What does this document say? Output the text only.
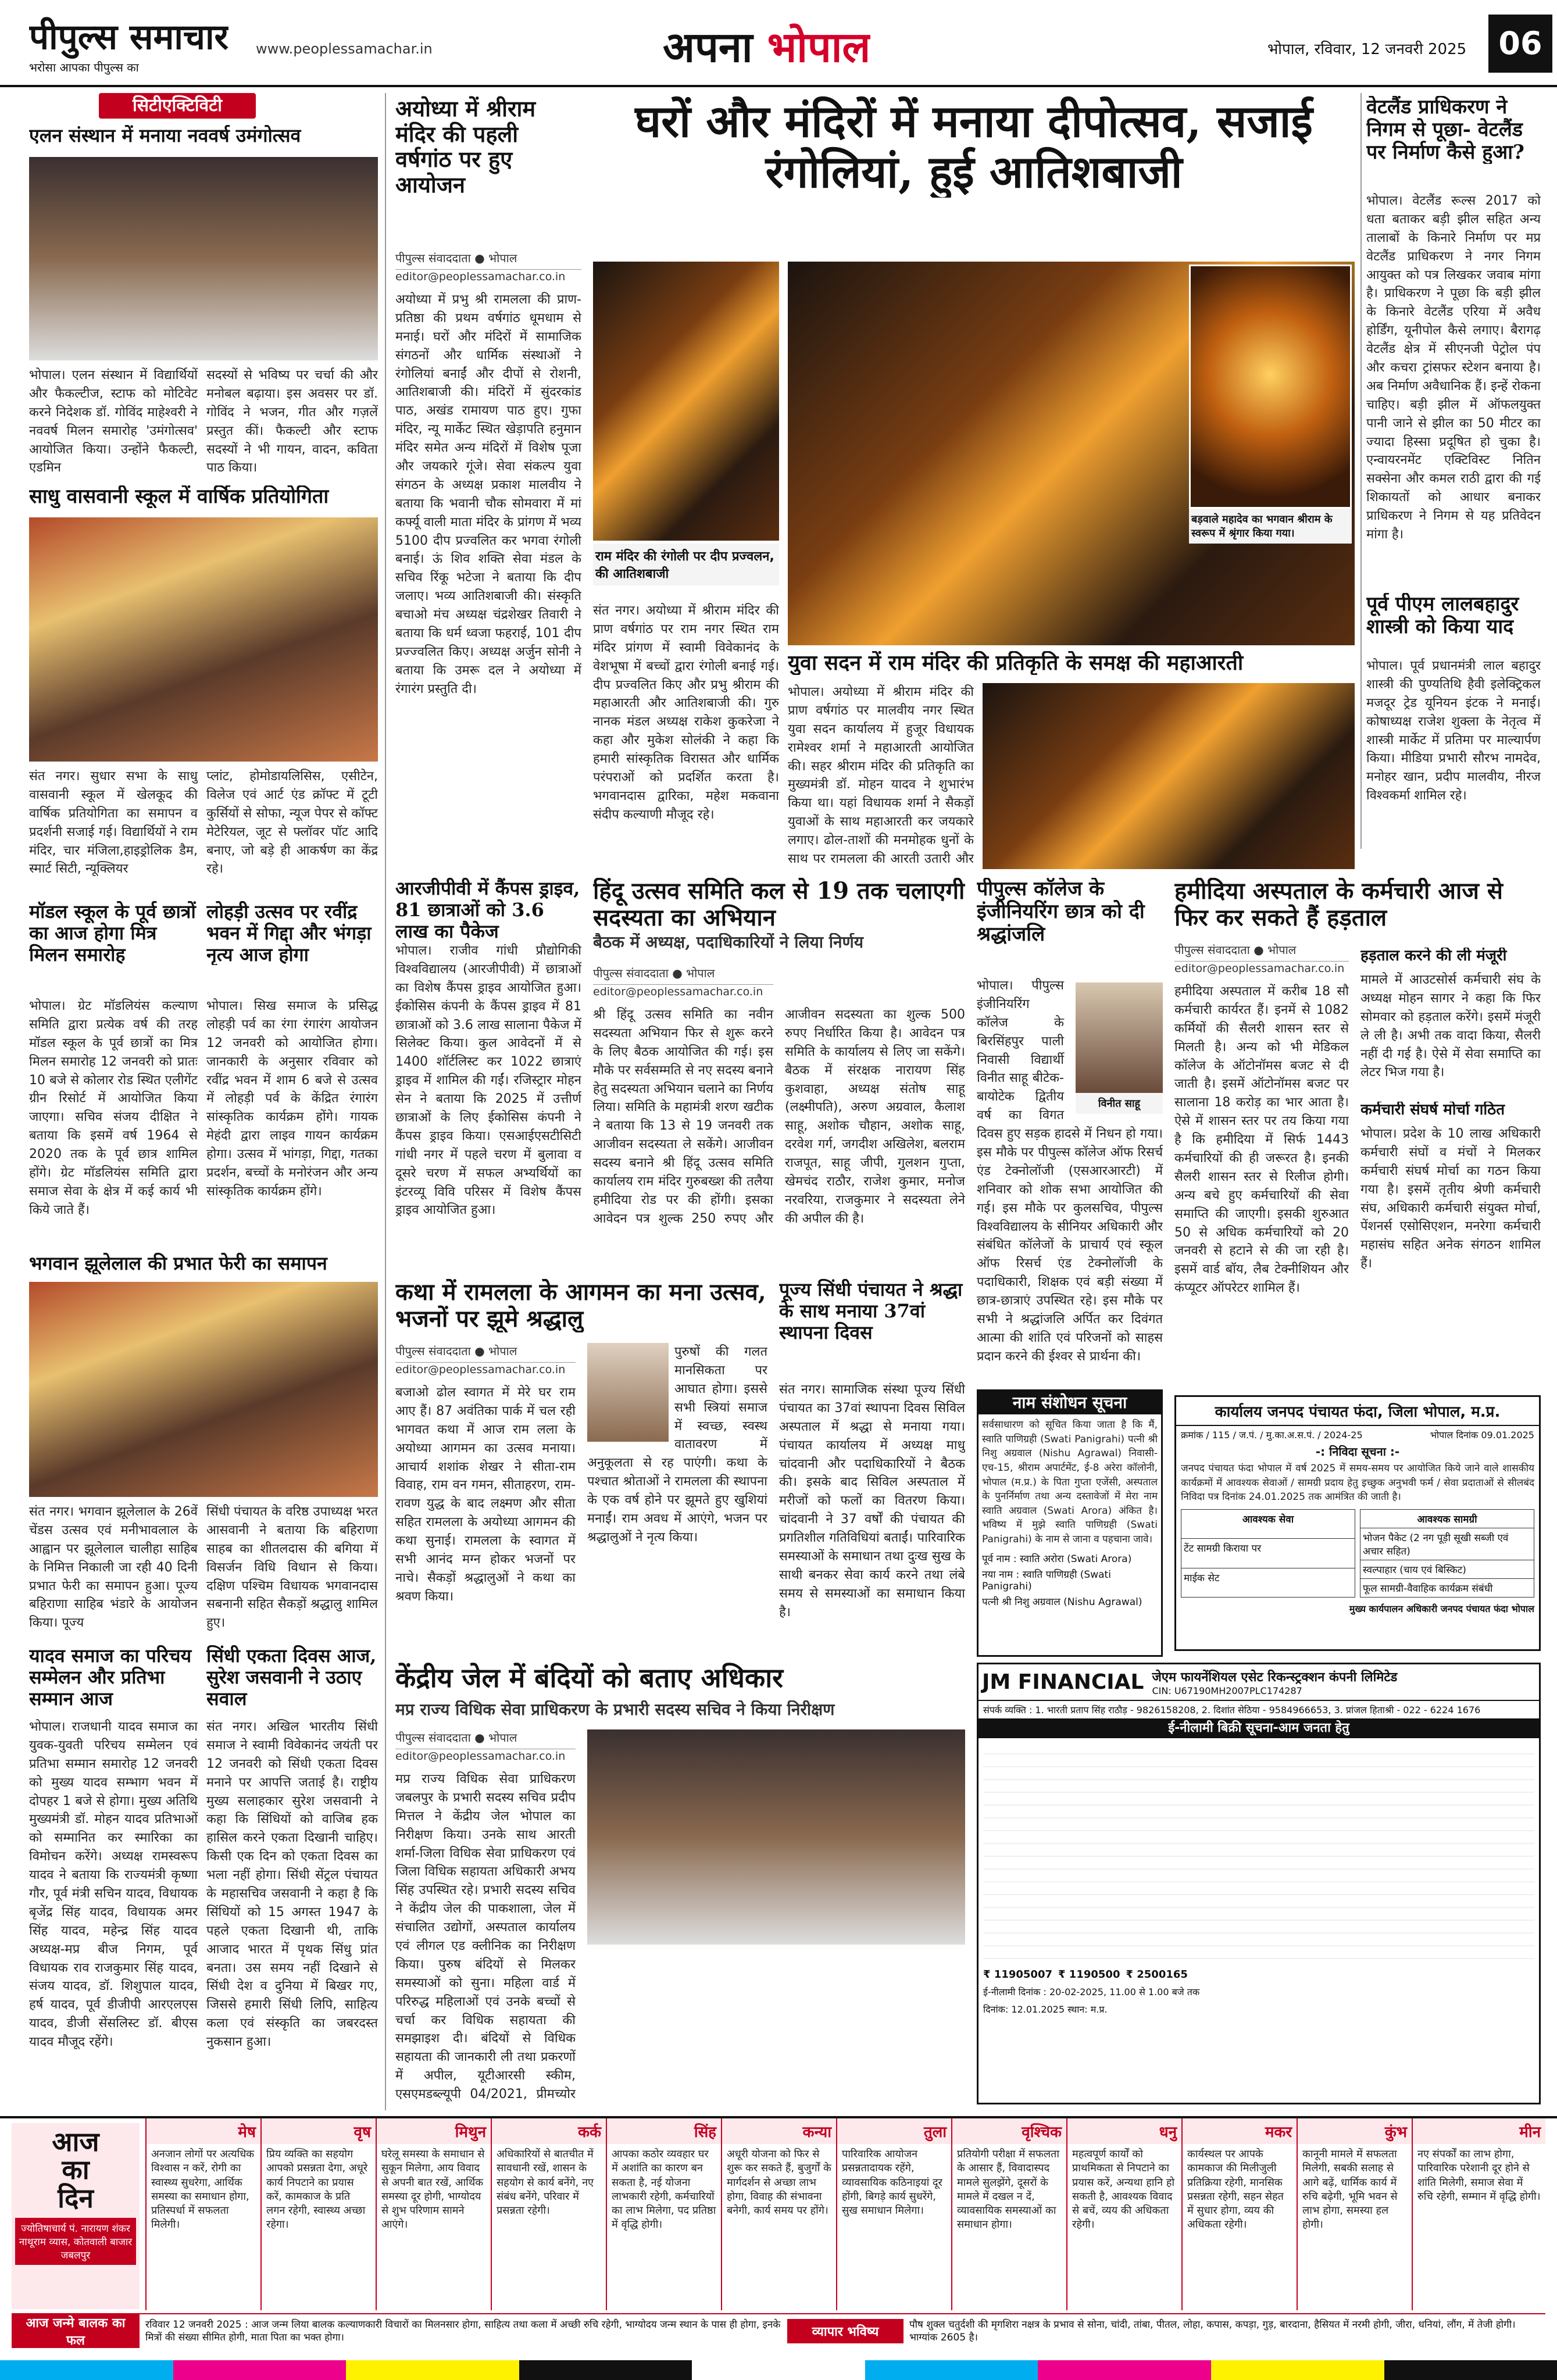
पीपुल्स समाचार
भरोसा आपका पीपुल्स का
www.peoplessamachar.in	अपना भोपाल	भोपाल, रविवार, 12 जनवरी 2025	06
सिटीएक्टिविटी
एलन संस्थान में मनाया नववर्ष उमंगोत्सव
भोपाल। एलन संस्थान में विद्यार्थियों और फैकल्टीज, स्टाफ को मोटिवेट करने निदेशक डॉ. गोविंद माहेश्वरी ने नववर्ष मिलन समारोह 'उमंगोत्सव' आयोजित किया। उन्होंने फैकल्टी, एडमिन
सदस्यों से भविष्य पर चर्चा की और मनोबल बढ़ाया। इस अवसर पर डॉ. गोविंद ने भजन, गीत और गज़लें प्रस्तुत कीं। फैकल्टी और स्टाफ सदस्यों ने भी गायन, वादन, कविता पाठ किया।
साधु वासवानी स्कूल में वार्षिक प्रतियोगिता
संत नगर। सुधार सभा के साधु वासवानी स्कूल में खेलकूद की वार्षिक प्रतियोगिता का समापन व प्रदर्शनी सजाई गई। विद्यार्थियों ने राम मंदिर, चार मंजिला,हाइड्रोलिक डैम, स्मार्ट सिटी, न्यूक्लियर
प्लांट, होमोडायलिसिस, एसीटेन, विलेज एवं आर्ट एंड क्रॉफ्ट में टूटी कुर्सियों से सोफा, न्यूज पेपर से कॉफ्ट मेटेरियल, जूट से फ्लॉवर पॉट आदि बनाए, जो बड़े ही आकर्षण का केंद्र रहे।
मॉडल स्कूल के पूर्व छात्रों का आज होगा मित्र मिलन समारोह
भोपाल। ग्रेट मॉडलियंस कल्याण समिति द्वारा प्रत्येक वर्ष की तरह मॉडल स्कूल के पूर्व छात्रों का मित्र मिलन समारोह 12 जनवरी को प्रातः 10 बजे से कोलार रोड स्थित एलीगेंट ग्रीन रिसोर्ट में आयोजित किया जाएगा। सचिव संजय दीक्षित ने बताया कि इसमें वर्ष 1964 से 2020 तक के पूर्व छात्र शामिल होंगे। ग्रेट मॉडलियंस समिति द्वारा समाज सेवा के क्षेत्र में कई कार्य भी किये जाते हैं।
लोहड़ी उत्सव पर रवींद्र भवन में गिद्दा और भंगड़ा नृत्य आज होगा
भोपाल। सिख समाज के प्रसिद्ध लोहड़ी पर्व का रंगा रंगारंग आयोजन 12 जनवरी को आयोजित होगा। जानकारी के अनुसार रविवार को रवींद्र भवन में शाम 6 बजे से उत्सव में लोहड़ी पर्व के केंद्रित रंगारंग सांस्कृतिक कार्यक्रम होंगे। गायक मेहंदी द्वारा लाइव गायन कार्यक्रम होगा। उत्सव में भांगड़ा, गिद्दा, गतका प्रदर्शन, बच्चों के मनोरंजन और अन्य सांस्कृतिक कार्यक्रम होंगे।
भगवान झूलेलाल की प्रभात फेरी का समापन
संत नगर। भगवान झूलेलाल के 26वें चेंडस उत्सव एवं मनीभावलाल के आह्वान पर झूलेलाल चालीहा साहिब के निमित्त निकाली जा रही 40 दिनी प्रभात फेरी का समापन हुआ। पूज्य बहिराणा साहिब भंडारे के आयोजन किया। पूज्य
सिंधी पंचायत के वरिष्ठ उपाध्यक्ष भरत आसवानी ने बताया कि बहिराणा साहब का शीतलदास की बगिया में विसर्जन विधि विधान से किया। दक्षिण पश्चिम विधायक भगवानदास सबनानी सहित सैकड़ों श्रद्धालु शामिल हुए।
यादव समाज का परिचय सम्मेलन और प्रतिभा सम्मान आज
भोपाल। राजधानी यादव समाज का युवक-युवती परिचय सम्मेलन एवं प्रतिभा सम्मान समारोह 12 जनवरी को मुख्य यादव सम्भाग भवन में दोपहर 1 बजे से होगा। मुख्य अतिथि मुख्यमंत्री डॉ. मोहन यादव प्रतिभाओं को सम्मानित कर स्मारिका का विमोचन करेंगे। अध्यक्ष रामस्वरूप यादव ने बताया कि राज्यमंत्री कृष्णा गौर, पूर्व मंत्री सचिन यादव, विधायक बृजेंद्र सिंह यादव, विधायक अमर सिंह यादव, महेन्द्र सिंह यादव अध्यक्ष-मप्र बीज निगम, पूर्व विधायक राव राजकुमार सिंह यादव, संजय यादव, डॉ. शिशुपाल यादव, हर्ष यादव, पूर्व डीजीपी आरएलएस यादव, डीजी सेंसलिस्ट डॉ. बीएस यादव मौजूद रहेंगे।
सिंधी एकता दिवस आज, सुरेश जसवानी ने उठाए सवाल
संत नगर। अखिल भारतीय सिंधी समाज ने स्वामी विवेकानंद जयंती पर 12 जनवरी को सिंधी एकता दिवस मनाने पर आपत्ति जताई है। राष्ट्रीय मुख्य सलाहकार सुरेश जसवानी ने कहा कि सिंधियों को वाजिब हक हासिल करने एकता दिखानी चाहिए। किसी एक दिन को एकता दिवस का भला नहीं होगा। सिंधी सेंट्रल पंचायत के महासचिव जसवानी ने कहा है कि सिंधियों को 15 अगस्त 1947 के पहले एकता दिखानी थी, ताकि आजाद भारत में पृथक सिंधु प्रांत बनता। उस समय नहीं दिखाने से सिंधी देश व दुनिया में बिखर गए, जिससे हमारी सिंधी लिपि, साहित्य कला एवं संस्कृति का जबरदस्त नुकसान हुआ।
अयोध्या में श्रीराम मंदिर की पहली वर्षगांठ पर हुए आयोजन
पीपुल्स संवाददाता ● भोपाल
editor@peoplessamachar.co.in
अयोध्या में प्रभु श्री रामलला की प्राण-प्रतिष्ठा की प्रथम वर्षगांठ धूमधाम से मनाई। घरों और मंदिरों में सामाजिक संगठनों और धार्मिक संस्थाओं ने रंगोलियां बनाईं और दीपों से रोशनी, आतिशबाजी की। मंदिरों में सुंदरकांड पाठ, अखंड रामायण पाठ हुए। गुफा मंदिर, न्यू मार्केट स्थित खेड़ापति हनुमान मंदिर समेत अन्य मंदिरों में विशेष पूजा और जयकारे गूंजे। सेवा संकल्प युवा संगठन के अध्यक्ष प्रकाश मालवीय ने बताया कि भवानी चौक सोमवारा में मां कर्फ्यू वाली माता मंदिर के प्रांगण में भव्य 5100 दीप प्रज्वलित कर भगवा रंगोली बनाई। ऊं शिव शक्ति सेवा मंडल के सचिव रिंकू भटेजा ने बताया कि दीप जलाए। भव्य आतिशबाजी की। संस्कृति बचाओ मंच अध्यक्ष चंद्रशेखर तिवारी ने बताया कि धर्म ध्वजा फहराई, 101 दीप प्रज्ज्वलित किए। अध्यक्ष अर्जुन सोनी ने बताया कि उमरू दल ने अयोध्या में रंगारंग प्रस्तुति दी।
घरों और मंदिरों में मनाया दीपोत्सव, सजाई रंगोलियां, हुई आतिशबाजी
राम मंदिर की रंगोली पर दीप प्रज्वलन, की आतिशबाजी
संत नगर। अयोध्या में श्रीराम मंदिर की प्राण वर्षगांठ पर राम नगर स्थित राम मंदिर प्रांगण में स्वामी विवेकानंद के वेशभूषा में बच्चों द्वारा रंगोली बनाई गई। दीप प्रज्वलित किए और प्रभु श्रीराम की महाआरती और आतिशबाजी की। गुरु नानक मंडल अध्यक्ष राकेश कुकरेजा ने कहा और मुकेश सोलंकी ने कहा कि हमारी सांस्कृतिक विरासत और धार्मिक परंपराओं को प्रदर्शित करता है। भगवानदास द्वारिका, महेश मकवाना संदीप कल्याणी मौजूद रहे।
युवा सदन में राम मंदिर की प्रतिकृति के समक्ष की महाआरती
भोपाल। अयोध्या में श्रीराम मंदिर की प्राण वर्षगांठ पर मालवीय नगर स्थित युवा सदन कार्यालय में हुजूर विधायक रामेश्वर शर्मा ने महाआरती आयोजित की। सहर श्रीराम मंदिर की प्रतिकृति का मुख्यमंत्री डॉ. मोहन यादव ने शुभारंभ किया था। यहां विधायक शर्मा ने सैकड़ों युवाओं के साथ महाआरती कर जयकारे लगाए। ढोल-ताशों की मनमोहक धुनों के साथ पर रामलला की आरती उतारी और
वेटलैंड प्राधिकरण ने निगम से पूछा- वेटलैंड पर निर्माण कैसे हुआ?
भोपाल। वेटलैंड रूल्स 2017 को धता बताकर बड़ी झील सहित अन्य तालाबों के किनारे निर्माण पर मप्र वेटलैंड प्राधिकरण ने नगर निगम आयुक्त को पत्र लिखकर जवाब मांगा है। प्राधिकरण ने पूछा कि बड़ी झील के किनारे वेटलैंड एरिया में अवैध होर्डिंग, यूनीपोल कैसे लगाए। बैरागढ़ वेटलैंड क्षेत्र में सीएनजी पेट्रोल पंप और कचरा ट्रांसफर स्टेशन बनाया है। अब निर्माण अवैधानिक हैं। इन्हें रोकना चाहिए। बड़ी झील में ऑफलयुक्त पानी जाने से झील का 50 मीटर का ज्यादा हिस्सा प्रदूषित हो चुका है। एन्वायरनमेंट एक्टिविस्ट नितिन सक्सेना और कमल राठी द्वारा की गई शिकायतों को आधार बनाकर प्राधिकरण ने निगम से यह प्रतिवेदन मांगा है।
पूर्व पीएम लालबहादुर शास्त्री को किया याद
भोपाल। पूर्व प्रधानमंत्री लाल बहादुर शास्त्री की पुण्यतिथि हैवी इलेक्ट्रिकल मजदूर ट्रेड यूनियन इंटक ने मनाई। कोषाध्यक्ष राजेश शुक्ला के नेतृत्व में शास्त्री मार्केट में प्रतिमा पर माल्यार्पण किया। मीडिया प्रभारी सौरभ नामदेव, मनोहर खान, प्रदीप मालवीय, नीरज विश्वकर्मा शामिल रहे।
बड़वाले महादेव का भगवान श्रीराम के स्वरूप में श्रृंगार किया गया।
आरजीपीवी में कैंपस ड्राइव, 81 छात्राओं को 3.6 लाख का पैकेज
भोपाल। राजीव गांधी प्रौद्योगिकी विश्वविद्यालय (आरजीपीवी) में छात्राओं का विशेष कैंपस ड्राइव आयोजित हुआ। ईकोसिस कंपनी के कैंपस ड्राइव में 81 छात्राओं को 3.6 लाख सालाना पैकेज में सिलेक्ट किया। कुल आवेदनों में से 1400 शॉर्टलिस्ट कर 1022 छात्राएं ड्राइव में शामिल की गईं। रजिस्ट्रार मोहन सेन ने बताया कि 2025 में उत्तीर्ण छात्राओं के लिए ईकोसिस कंपनी ने कैंपस ड्राइव किया। एसआईएसटीसिटी गांधी नगर में पहले चरण में बुलावा व दूसरे चरण में सफल अभ्यर्थियों का इंटरव्यू विवि परिसर में विशेष कैंपस ड्राइव आयोजित हुआ।
हिंदू उत्सव समिति कल से 19 तक चलाएगी सदस्यता का अभियान
बैठक में अध्यक्ष, पदाधिकारियों ने लिया निर्णय
पीपुल्स संवाददाता ● भोपाल
editor@peoplessamachar.co.in
श्री हिंदू उत्सव समिति का नवीन सदस्यता अभियान फिर से शुरू करने के लिए बैठक आयोजित की गई। इस मौके पर सर्वसम्मति से नए सदस्य बनाने हेतु सदस्यता अभियान चलाने का निर्णय लिया। समिति के महामंत्री शरण खटीक ने बताया कि 13 से 19 जनवरी तक आजीवन सदस्यता ले सकेंगे। आजीवन सदस्य बनाने श्री हिंदू उत्सव समिति कार्यालय राम मंदिर गुरुबख्श की तलैया हमीदिया रोड पर की होंगी। इसका आवेदन पत्र शुल्क 250 रुपए और आजीवन सदस्यता का शुल्क 500 रुपए निर्धारित किया है। आवेदन पत्र समिति के कार्यालय से लिए जा सकेंगे। बैठक में संरक्षक नारायण सिंह कुशवाहा, अध्यक्ष संतोष साहू (लक्ष्मीपति), अरुण अग्रवाल, कैलाश साहू, अशोक चौहान, अशोक साहू, दरवेश गर्ग, जगदीश अखिलेश, बलराम राजपूत, साहू जीपी, गुलशन गुप्ता, खेमचंद राठौर, राजेश कुमार, मनोज नरवरिया, राजकुमार ने सदस्यता लेने की अपील की है।
पीपुल्स कॉलेज के इंजीनियरिंग छात्र को दी श्रद्धांजलि
विनीत साहू
भोपाल। पीपुल्स इंजीनियरिंग कॉलेज के बिरसिंहपुर पाली निवासी विद्यार्थी विनीत साहू बीटेक-बायोटेक द्वितीय वर्ष का विगत दिवस हुए सड़क हादसे में निधन हो गया। इस मौके पर पीपुल्स कॉलेज ऑफ रिसर्च एंड टेक्नोलॉजी (एसआरआरटी) में शनिवार को शोक सभा आयोजित की गई। इस मौके पर कुलसचिव, पीपुल्स विश्वविद्यालय के सीनियर अधिकारी और संबंधित कॉलेजों के प्राचार्य एवं स्कूल ऑफ रिसर्च एंड टेक्नोलॉजी के पदाधिकारी, शिक्षक एवं बड़ी संख्या में छात्र-छात्राएं उपस्थित रहे। इस मौके पर सभी ने श्रद्धांजलि अर्पित कर दिवंगत आत्मा की शांति एवं परिजनों को साहस प्रदान करने की ईश्वर से प्रार्थना की।
हमीदिया अस्पताल के कर्मचारी आज से फिर कर सकते हैं हड़ताल
पीपुल्स संवाददाता ● भोपाल
editor@peoplessamachar.co.in
हमीदिया अस्पताल में करीब 18 सौ कर्मचारी कार्यरत हैं। इनमें से 1082 कर्मियों की सैलरी शासन स्तर से मिलती है। अन्य को भी मेडिकल कॉलेज के ऑटोनॉमस बजट से दी जाती है। इसमें ऑटोनॉमस बजट पर सालाना 18 करोड़ का भार आता है। ऐसे में शासन स्तर पर तय किया गया है कि हमीदिया में सिर्फ 1443 कर्मचारियों की ही जरूरत है। इनकी सैलरी शासन स्तर से रिलीज होगी। अन्य बचे हुए कर्मचारियों की सेवा समाप्ति की जाएगी। इसकी शुरुआत 50 से अधिक कर्मचारियों को 20 जनवरी से हटाने से की जा रही है। इसमें वार्ड बॉय, लैब टेक्नीशियन और कंप्यूटर ऑपरेटर शामिल हैं।
हड़ताल करने की ली मंजूरी
मामले में आउटसोर्स कर्मचारी संघ के अध्यक्ष मोहन सागर ने कहा कि फिर सोमवार को हड़ताल करेंगे। इसमें मंजूरी ले ली है। अभी तक वादा किया, सैलरी नहीं दी गई है। ऐसे में सेवा समाप्ति का लेटर भिज गया है।
कर्मचारी संघर्ष मोर्चा गठित
भोपाल। प्रदेश के 10 लाख अधिकारी कर्मचारी संघों व मंचों ने मिलकर कर्मचारी संघर्ष मोर्चा का गठन किया गया है। इसमें तृतीय श्रेणी कर्मचारी संघ, अधिकारी कर्मचारी संयुक्त मोर्चा, पेंशनर्स एसोसिएशन, मनरेगा कर्मचारी महासंघ सहित अनेक संगठन शामिल हैं।
कथा में रामलला के आगमन का मना उत्सव, भजनों पर झूमे श्रद्धालु
पीपुल्स संवाददाता ● भोपाल
editor@peoplessamachar.co.in
बजाओ ढोल स्वागत में मेरे घर राम आए हैं। 87 अवंतिका पार्क में चल रही भागवत कथा में आज राम लला के अयोध्या आगमन का उत्सव मनाया। आचार्य शशांक शेखर ने सीता-राम विवाह, राम वन गमन, सीताहरण, राम-रावण युद्ध के बाद लक्ष्मण और सीता सहित रामलला के अयोध्या आगमन की कथा सुनाई। रामलला के स्वागत में सभी आनंद मग्न होकर भजनों पर नाचे। सैकड़ों श्रद्धालुओं ने कथा का श्रवण किया।
पुरुषों की गलत मानसिकता पर आघात होगा। इससे सभी स्त्रियां समाज में स्वच्छ, स्वस्थ वातावरण में अनुकूलता से रह पाएंगी। कथा के पश्चात श्रोताओं ने रामलला की स्थापना के एक वर्ष होने पर झूमते हुए खुशियां मनाईं। राम अवध में आएंगे, भजन पर श्रद्धालुओं ने नृत्य किया।
पूज्य सिंधी पंचायत ने श्रद्धा के साथ मनाया 37वां स्थापना दिवस
संत नगर। सामाजिक संस्था पूज्य सिंधी पंचायत का 37वां स्थापना दिवस सिविल अस्पताल में श्रद्धा से मनाया गया। पंचायत कार्यालय में अध्यक्ष माधु चांदवानी और पदाधिकारियों ने बैठक की। इसके बाद सिविल अस्पताल में मरीजों को फलों का वितरण किया। चांदवानी ने 37 वर्षों की पंचायत की प्रगतिशील गतिविधियां बताईं। पारिवारिक समस्याओं के समाधान तथा दुःख सुख के साथी बनकर सेवा कार्य करने तथा लंबे समय से समस्याओं का समाधान किया है।
नाम संशोधन सूचना
सर्वसाधारण को सूचित किया जाता है कि मैं, स्वाति पाणिग्रही (Swati Panigrahi) पत्नी श्री निशु अग्रवाल (Nishu Agrawal) निवासी-एच-15, श्रीराम अपार्टमेंट, ई-8 अरेरा कॉलोनी, भोपाल (म.प्र.) के पिता गुप्ता एजेंसी, अस्पताल के पुनर्निर्माण तथा अन्य दस्तावेजों में मेरा नाम स्वाति अग्रवाल (Swati Arora) अंकित है। भविष्य में मुझे स्वाति पाणिग्रही (Swati Panigrahi) के नाम से जाना व पहचाना जावे।
पूर्व नाम : स्वाति अरोरा (Swati Arora)
नया नाम : स्वाति पाणिग्रही (Swati Panigrahi)
पत्नी श्री निशु अग्रवाल (Nishu Agrawal)
कार्यालय जनपद पंचायत फंदा, जिला भोपाल, म.प्र.
क्रमांक / 115 / ज.पं. / मु.का.अ.स.पं. / 2024-25	भोपाल दिनांक 09.01.2025
-: निविदा सूचना :-
जनपद पंचायत फंदा भोपाल में वर्ष 2025 में समय-समय पर आयोजित किये जाने वाले शासकीय कार्यक्रमों में आवश्यक सेवाओं / सामग्री प्रदाय हेतु इच्छुक अनुभवी फर्म / सेवा प्रदाताओं से सीलबंद निविदा पत्र दिनांक 24.01.2025 तक आमंत्रित की जाती है।
आवश्यक सेवा
टेंट सामग्री किराया पर
माईक सेट
आवश्यक सामग्री
भोजन पैकेट (2 नग पूड़ी सूखी सब्जी एवं अचार सहित)
स्वल्पाहार (चाय एवं बिस्किट)
फूल सामग्री-वैवाहिक कार्यक्रम संबंधी
मुख्य कार्यपालन अधिकारी जनपद पंचायत फंदा भोपाल
केंद्रीय जेल में बंदियों को बताए अधिकार
मप्र राज्य विधिक सेवा प्राधिकरण के प्रभारी सदस्य सचिव ने किया निरीक्षण
पीपुल्स संवाददाता ● भोपाल
editor@peoplessamachar.co.in
मप्र राज्य विधिक सेवा प्राधिकरण जबलपुर के प्रभारी सदस्य सचिव प्रदीप मित्तल ने केंद्रीय जेल भोपाल का निरीक्षण किया। उनके साथ आरती शर्मा-जिला विधिक सेवा प्राधिकरण एवं जिला विधिक सहायता अधिकारी अभय सिंह उपस्थित रहे। प्रभारी सदस्य सचिव ने केंद्रीय जेल की पाकशाला, जेल में संचालित उद्योगों, अस्पताल कार्यालय एवं लीगल एड क्लीनिक का निरीक्षण किया। पुरुष बंदियों से मिलकर समस्याओं को सुना। महिला वार्ड में परिरुद्ध महिलाओं एवं उनके बच्चों से चर्चा कर विधिक सहायता की समझाइश दी। बंदियों से विधिक सहायता की जानकारी ली तथा प्रकरणों में अपील, यूटीआरसी स्कीम, एसएमडब्ल्यूपी 04/2021, प्रीमच्योर
JM FINANCIAL जेएम फायनेंशियल एसेट रिकन्स्ट्रक्शन कंपनी लिमिटेड
CIN: U67190MH2007PLC174287
संपर्क व्यक्ति : 1. भारती प्रताप सिंह राठौड़ - 9826158208, 2. दिशांत सेठिया - 9584966653, 3. प्रांजल हिताश्री - 022 - 6224 1676
ई-नीलामी बिक्री सूचना-आम जनता हेतु
₹ 11905007 ₹ 1190500 ₹ 2500165
ई-नीलामी दिनांक : 20-02-2025, 11.00 से 1.00 बजे तक
दिनांक: 12.01.2025 स्थान: म.प्र.
आज
का
दिन
ज्योतिषाचार्य पं. नारायण शंकर नाथूराम व्यास, कोतवाली बाजार जबलपुर
मेष
अनजान लोगों पर अत्यधिक विश्वास न करें, रोगी का स्वास्थ्य सुधरेगा, आर्थिक समस्या का समाधान होगा, प्रतिस्पर्धा में सफलता मिलेगी।
वृष
प्रिय व्यक्ति का सहयोग आपको प्रसन्नता देगा, अधूरे कार्य निपटाने का प्रयास करें, कामकाज के प्रति लगन रहेगी, स्वास्थ्य अच्छा रहेगा।
मिथुन
घरेलू समस्या के समाधान से सुकून मिलेगा, आय विवाद से अपनी बात रखें, आर्थिक समस्या दूर होगी, भाग्योदय से शुभ परिणाम सामने आएंगे।
कर्क
अधिकारियों से बातचीत में सावधानी रखें, शासन के सहयोग से कार्य बनेंगे, नए संबंध बनेंगे, परिवार में प्रसन्नता रहेगी।
सिंह
आपका कठोर व्यवहार घर में अशांति का कारण बन सकता है, नई योजना लाभकारी रहेगी, कर्मचारियों का लाभ मिलेगा, पद प्रतिष्ठा में वृद्धि होगी।
कन्या
अधूरी योजना को फिर से शुरू कर सकते हैं, बुजुर्गों के मार्गदर्शन से अच्छा लाभ होगा, विवाह की संभावना बनेगी, कार्य समय पर होंगे।
तुला
पारिवारिक आयोजन प्रसन्नतादायक रहेंगे, व्यावसायिक कठिनाइयां दूर होंगी, बिगड़े कार्य सुधरेंगे, सुख समाधान मिलेगा।
वृश्चिक
प्रतियोगी परीक्षा में सफलता के आसार हैं, विवादास्पद मामले सुलझेंगे, दूसरों के मामले में दखल न दें, व्यावसायिक समस्याओं का समाधान होगा।
धनु
महत्वपूर्ण कार्यों को प्राथमिकता से निपटाने का प्रयास करें, अन्यथा हानि हो सकती है, आवश्यक विवाद से बचें, व्यय की अधिकता रहेगी।
मकर
कार्यस्थल पर आपके कामकाज की मिलीजुली प्रतिक्रिया रहेगी, मानसिक प्रसन्नता रहेगी, सहन सेहत में सुधार होगा, व्यय की अधिकता रहेगी।
कुंभ
कानूनी मामले में सफलता मिलेगी, सबकी सलाह से आगे बढ़ें, धार्मिक कार्य में रुचि बढ़ेगी, भूमि भवन से लाभ होगा, समस्या हल होगी।
मीन
नए संपर्कों का लाभ होगा, पारिवारिक परेशानी दूर होने से शांति मिलेगी, समाज सेवा में रुचि रहेगी, सम्मान में वृद्धि होगी।
आज जन्मे बालक का फल
रविवार 12 जनवरी 2025 : आज जन्म लिया बालक कल्याणकारी विचारों का मिलनसार होगा, साहित्य तथा कला में अच्छी रुचि रहेगी, भाग्योदय जन्म स्थान के पास ही होगा, इनके मित्रों की संख्या सीमित होगी, माता पिता का भक्त होगा।	व्यापार भविष्य
पौष शुक्ल चतुर्दशी की मृगशिरा नक्षत्र के प्रभाव से सोना, चांदी, तांबा, पीतल, लोहा, कपास, कपड़ा, गुड़, बारदाना, हैसियत में नरमी होगी, जीरा, धनियां, लौंग, में तेजी होगी। भाग्यांक 2605 है।
